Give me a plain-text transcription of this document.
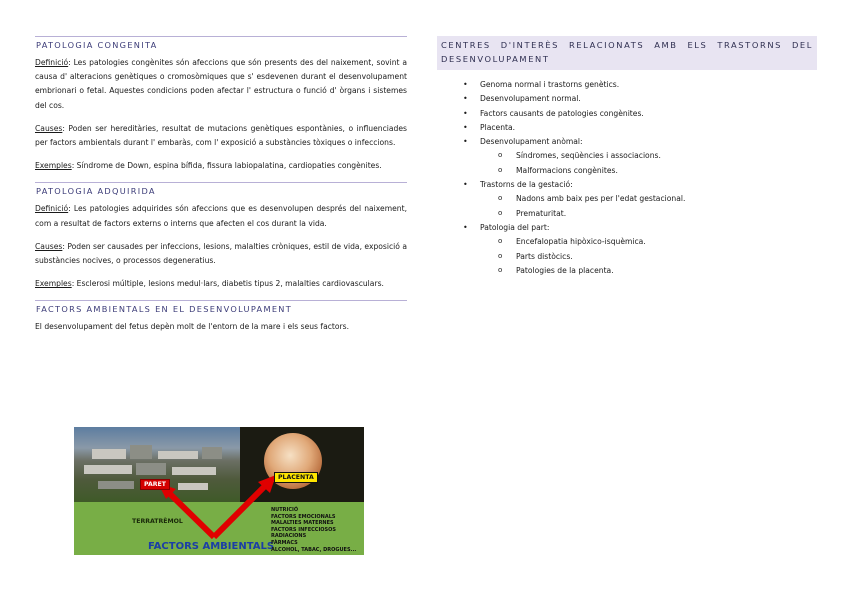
PATOLOGIA CONGENITA

Definició: Les patologies congènites són afeccions que són presents des del naixement, sovint a causa d' alteracions genètiques o cromosòmiques que s' esdevenen durant el desenvolupament embrionari o fetal. Aquestes condicions poden afectar l' estructura o funció d' òrgans i sistemes del cos.

Causes: Poden ser hereditàries, resultat de mutacions genètiques espontànies, o influenciades per factors ambientals durant l' embaràs, com l' exposició a substàncies tòxiques o infeccions.

Exemples: Síndrome de Down, espina bífida, fissura labiopalatina, cardiopaties congènites.

PATOLOGIA ADQUIRIDA

Definició: Les patologies adquirides són afeccions que es desenvolupen després del naixement, com a resultat de factors externs o interns que afecten el cos durant la vida.

Causes: Poden ser causades per infeccions, lesions, malalties cròniques, estil de vida, exposició a substàncies nocives, o processos degeneratius.

Exemples: Esclerosi múltiple, lesions medul·lars, diabetis tipus 2, malalties cardiovasculars.

FACTORS AMBIENTALS EN EL DESENVOLUPAMENT

El desenvolupament del fetus depèn molt de l'entorn de la mare i els seus factors.

PARET
PLACENTA
TERRATRÈMOL
FACTORS AMBIENTALS
NUTRICIÓ
FACTORS EMOCIONALS
MALALTIES MATERNES
FACTORS INFECCIOSOS
RADIACIONS
FÀRMACS
ALCOHOL, TABAC, DROGUES...
CENTRES D'INTERÈS RELACIONATS AMB ELS TRASTORNS DEL DESENVOLUPAMENT
• Genoma normal i trastorns genètics.
• Desenvolupament normal.
• Factors causants de patologies congènites.
• Placenta.
• Desenvolupament anòmal:
o Síndromes, seqüències i associacions.
o Malformacions congènites.
• Trastorns de la gestació:
o Nadons amb baix pes per l'edat gestacional.
o Prematuritat.
• Patologia del part:
o Encefalopatia hipòxico-isquèmica.
o Parts distòcics.
o Patologies de la placenta.
